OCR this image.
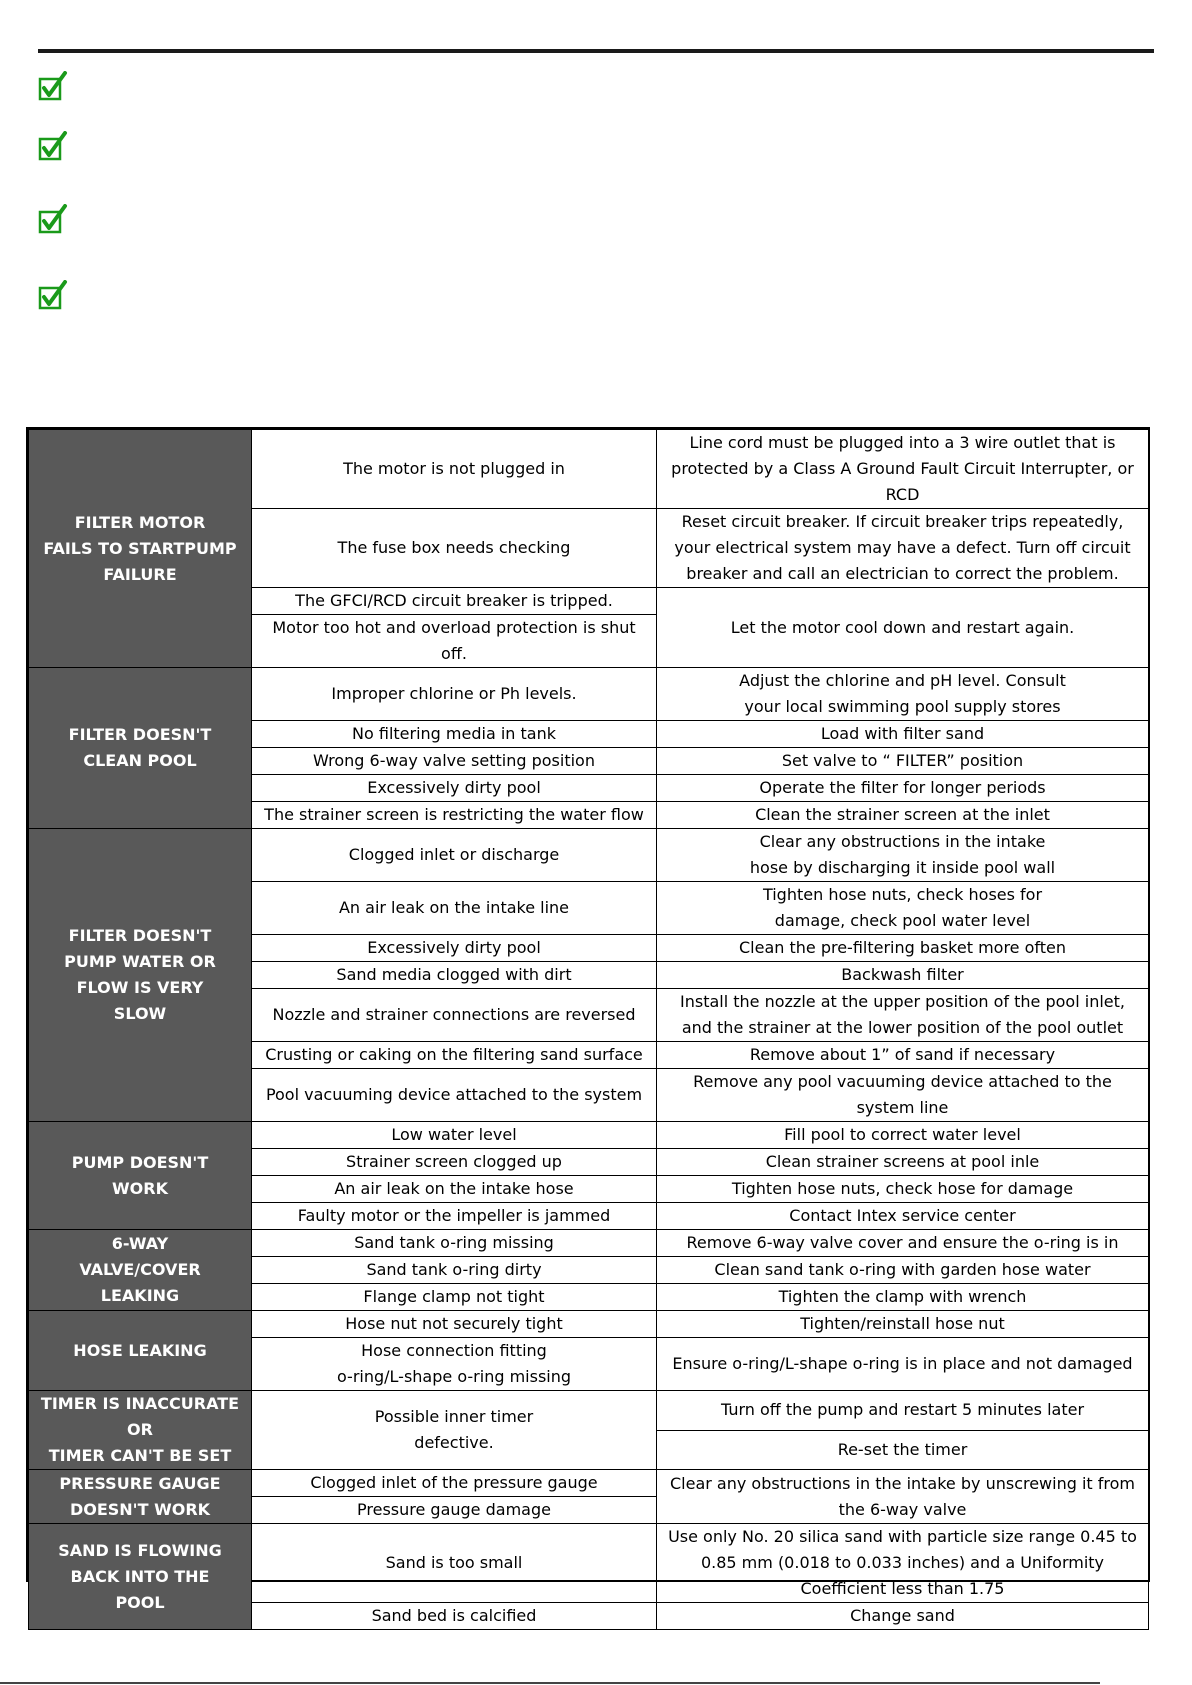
FILTER MOTOR
FAILS TO STARTPUMP
FAILURE	The motor is not plugged in	Line cord must be plugged into a 3 wire outlet that is
protected by a Class A Ground Fault Circuit Interrupter, or
RCD

	The fuse box needs checking	Reset circuit breaker. If circuit breaker trips repeatedly,
your electrical system may have a defect. Turn off circuit
breaker and call an electrician to correct the problem.

	The GFCI/RCD circuit breaker is tripped.	Let the motor cool down and restart again.

	Motor too hot and overload protection is shut
off.	

FILTER DOESN'T
CLEAN POOL	Improper chlorine or Ph levels.	Adjust the chlorine and pH level. Consult
your local swimming pool supply stores

	No filtering media in tank	Load with filter sand

	Wrong 6-way valve setting position	Set valve to “ FILTER” position

	Excessively dirty pool	Operate the filter for longer periods

	The strainer screen is restricting the water flow	Clean the strainer screen at the inlet

FILTER DOESN'T
PUMP WATER OR
FLOW IS VERY
SLOW	Clogged inlet or discharge	Clear any obstructions in the intake
hose by discharging it inside pool wall

	An air leak on the intake line	Tighten hose nuts, check hoses for
damage, check pool water level

	Excessively dirty pool	Clean the pre-filtering basket more often

	Sand media clogged with dirt	Backwash filter

	Nozzle and strainer connections are reversed	Install the nozzle at the upper position of the pool inlet,
and the strainer at the lower position of the pool outlet

	Crusting or caking on the filtering sand surface	Remove about 1” of sand if necessary

	Pool vacuuming device attached to the system	Remove any pool vacuuming device attached to the
system line

PUMP DOESN'T
WORK	Low water level	Fill pool to correct water level

	Strainer screen clogged up	Clean strainer screens at pool inle

	An air leak on the intake hose	Tighten hose nuts, check hose for damage

	Faulty motor or the impeller is jammed	Contact Intex service center

6-WAY
VALVE/COVER
LEAKING	Sand tank o-ring missing	Remove 6-way valve cover and ensure the o-ring is in

	Sand tank o-ring dirty	Clean sand tank o-ring with garden hose water

	Flange clamp not tight	Tighten the clamp with wrench

HOSE LEAKING	Hose nut not securely tight	Tighten/reinstall hose nut

	Hose connection fitting
o-ring/L-shape o-ring missing	Ensure o-ring/L-shape o-ring is in place and not damaged

TIMER IS INACCURATE OR
TIMER CAN'T BE SET	Possible inner timer
defective.	Turn off the pump and restart 5 minutes later

		Re-set the timer

PRESSURE GAUGE
DOESN'T WORK	Clogged inlet of the pressure gauge	Clear any obstructions in the intake by unscrewing it from
the 6-way valve

	Pressure gauge damage	

SAND IS FLOWING
BACK INTO THE
POOL	Sand is too small	Use only No. 20 silica sand with particle size range 0.45 to
0.85 mm (0.018 to 0.033 inches) and a Uniformity
Coefficient less than 1.75

	Sand bed is calcified	Change sand
